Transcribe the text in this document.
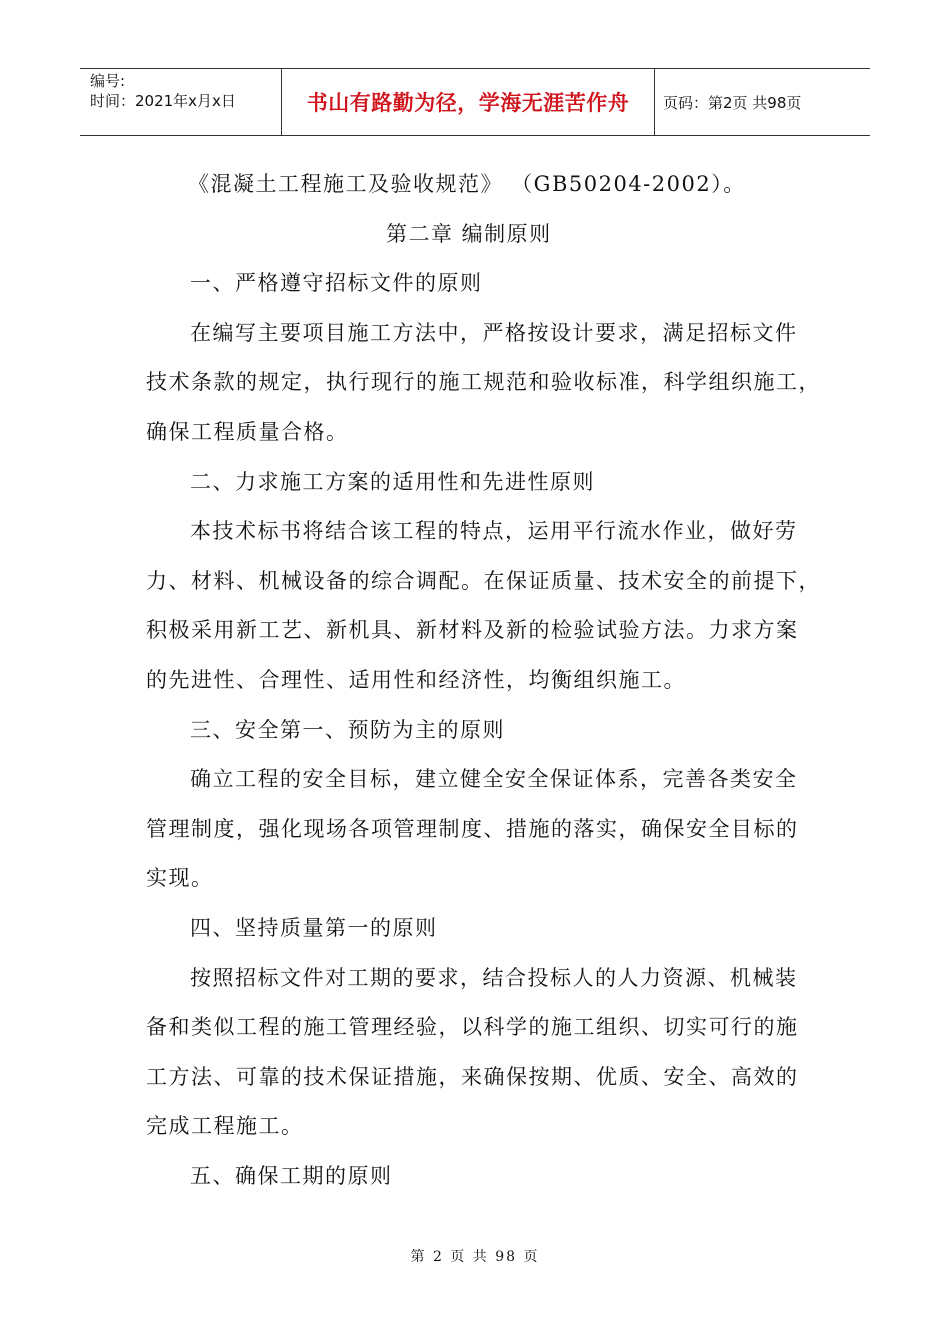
编号:
时间：2021年x月x日	书山有路勤为径，学海无涯苦作舟	页码：第2页 共98页

《混凝土工程施工及验收规范》 （GB50204-2002）。

第二章 编制原则

一、严格遵守招标文件的原则

在编写主要项目施工方法中，严格按设计要求，满足招标文件

技术条款的规定，执行现行的施工规范和验收标准，科学组织施工，

确保工程质量合格。

二、力求施工方案的适用性和先进性原则

本技术标书将结合该工程的特点，运用平行流水作业，做好劳

力、材料、机械设备的综合调配。在保证质量、技术安全的前提下，

积极采用新工艺、新机具、新材料及新的检验试验方法。力求方案

的先进性、合理性、适用性和经济性，均衡组织施工。

三、安全第一、预防为主的原则

确立工程的安全目标，建立健全安全保证体系，完善各类安全

管理制度，强化现场各项管理制度、措施的落实，确保安全目标的

实现。

四、坚持质量第一的原则

按照招标文件对工期的要求，结合投标人的人力资源、机械装

备和类似工程的施工管理经验，以科学的施工组织、切实可行的施

工方法、可靠的技术保证措施，来确保按期、优质、安全、高效的

完成工程施工。

五、确保工期的原则

第 2 页 共 98 页
